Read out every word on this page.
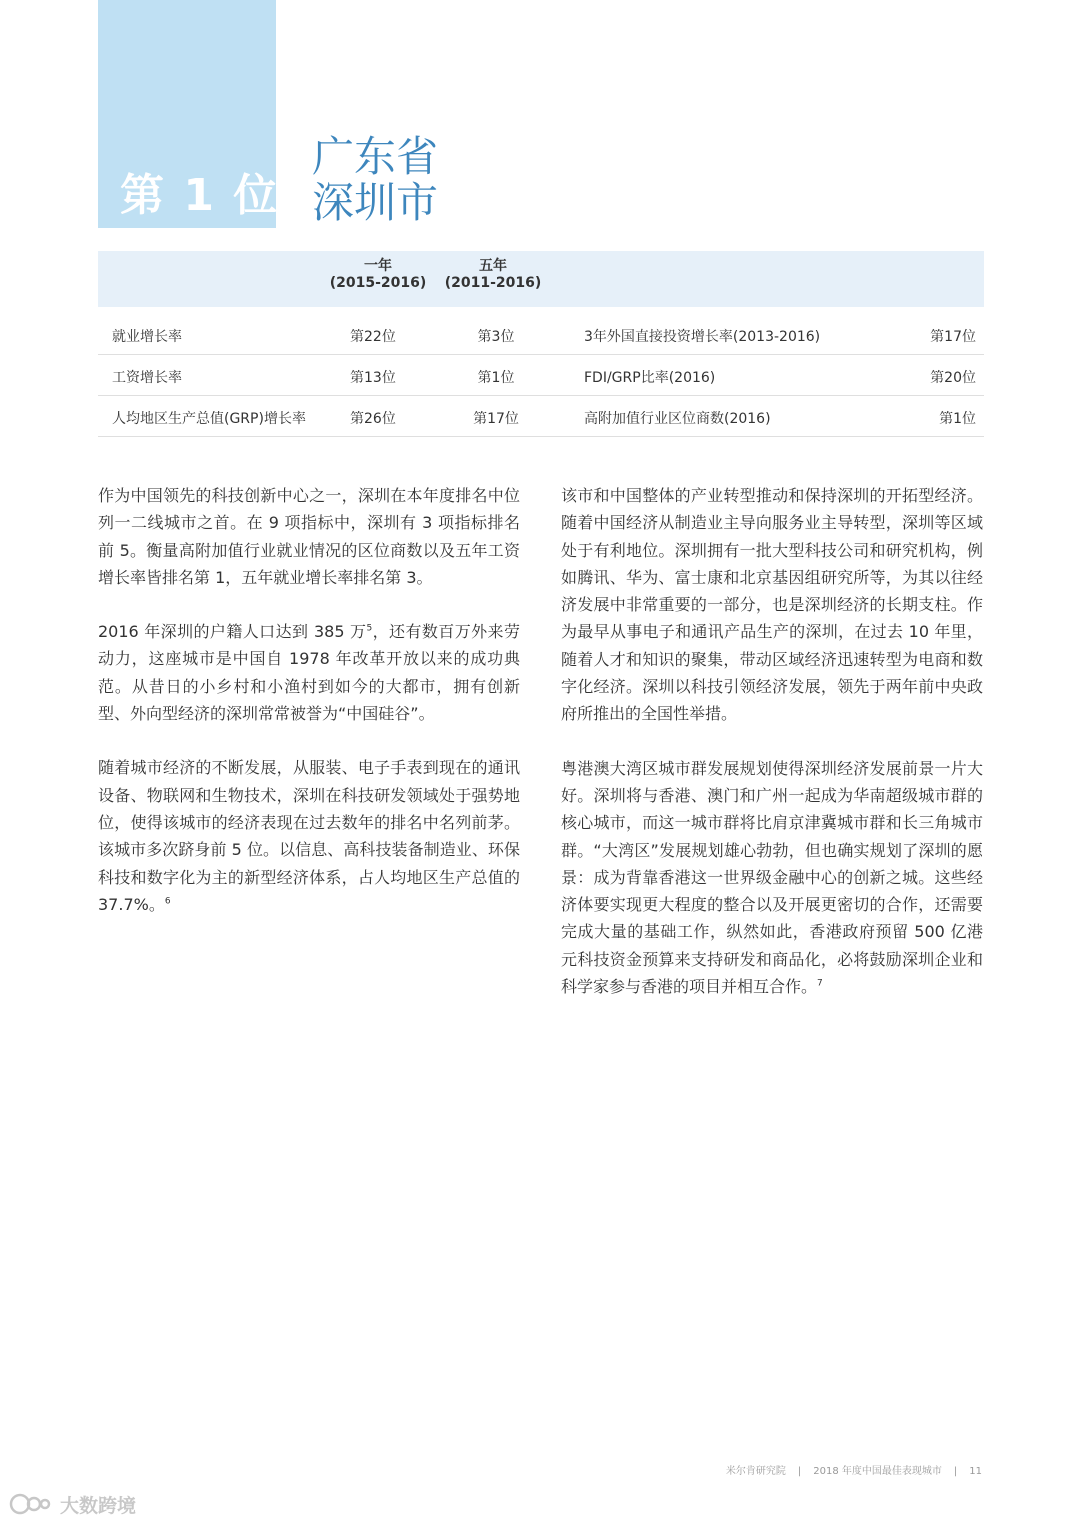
第 1 位
广东省
深圳市
一年
(2015-2016)
五年
(2011-2016)
就业增长率	第22位	第3位	3年外国直接投资增长率(2013-2016)	第17位
工资增长率	第13位	第1位	FDI/GRP比率(2016)	第20位
人均地区生产总值(GRP)增长率	第26位	第17位	高附加值行业区位商数(2016)	第1位

作为中国领先的科技创新中心之一，深圳在本年度排名中位列一二线城市之首。在 9 项指标中，深圳有 3 项指标排名前 5。衡量高附加值行业就业情况的区位商数以及五年工资增长率皆排名第 1，五年就业增长率排名第 3。

2016 年深圳的户籍人口达到 385 万$^5$，还有数百万外来劳动力，这座城市是中国自 1978 年改革开放以来的成功典范。从昔日的小乡村和小渔村到如今的大都市，拥有创新型、外向型经济的深圳常常被誉为“中国硅谷”。

随着城市经济的不断发展，从服装、电子手表到现在的通讯设备、物联网和生物技术，深圳在科技研发领域处于强势地位，使得该城市的经济表现在过去数年的排名中名列前茅。该城市多次跻身前 5 位。以信息、高科技装备制造业、环保科技和数字化为主的新型经济体系，占人均地区生产总值的 37.7%。$^6$

该市和中国整体的产业转型推动和保持深圳的开拓型经济。随着中国经济从制造业主导向服务业主导转型，深圳等区域处于有利地位。深圳拥有一批大型科技公司和研究机构，例如腾讯、华为、富士康和北京基因组研究所等，为其以往经济发展中非常重要的一部分，也是深圳经济的长期支柱。作为最早从事电子和通讯产品生产的深圳，在过去 10 年里，随着人才和知识的聚集，带动区域经济迅速转型为电商和数字化经济。深圳以科技引领经济发展，领先于两年前中央政府所推出的全国性举措。

粤港澳大湾区城市群发展规划使得深圳经济发展前景一片大好。深圳将与香港、澳门和广州一起成为华南超级城市群的核心城市，而这一城市群将比肩京津冀城市群和长三角城市群。“大湾区”发展规划雄心勃勃，但也确实规划了深圳的愿景：成为背靠香港这一世界级金融中心的创新之城。这些经济体要实现更大程度的整合以及开展更密切的合作，还需要完成大量的基础工作，纵然如此，香港政府预留 500 亿港元科技资金预算来支持研发和商品化，必将鼓励深圳企业和科学家参与香港的项目并相互合作。$^7$

米尔肯研究院 | 2018 年度中国最佳表现城市 | 11
大数跨境
